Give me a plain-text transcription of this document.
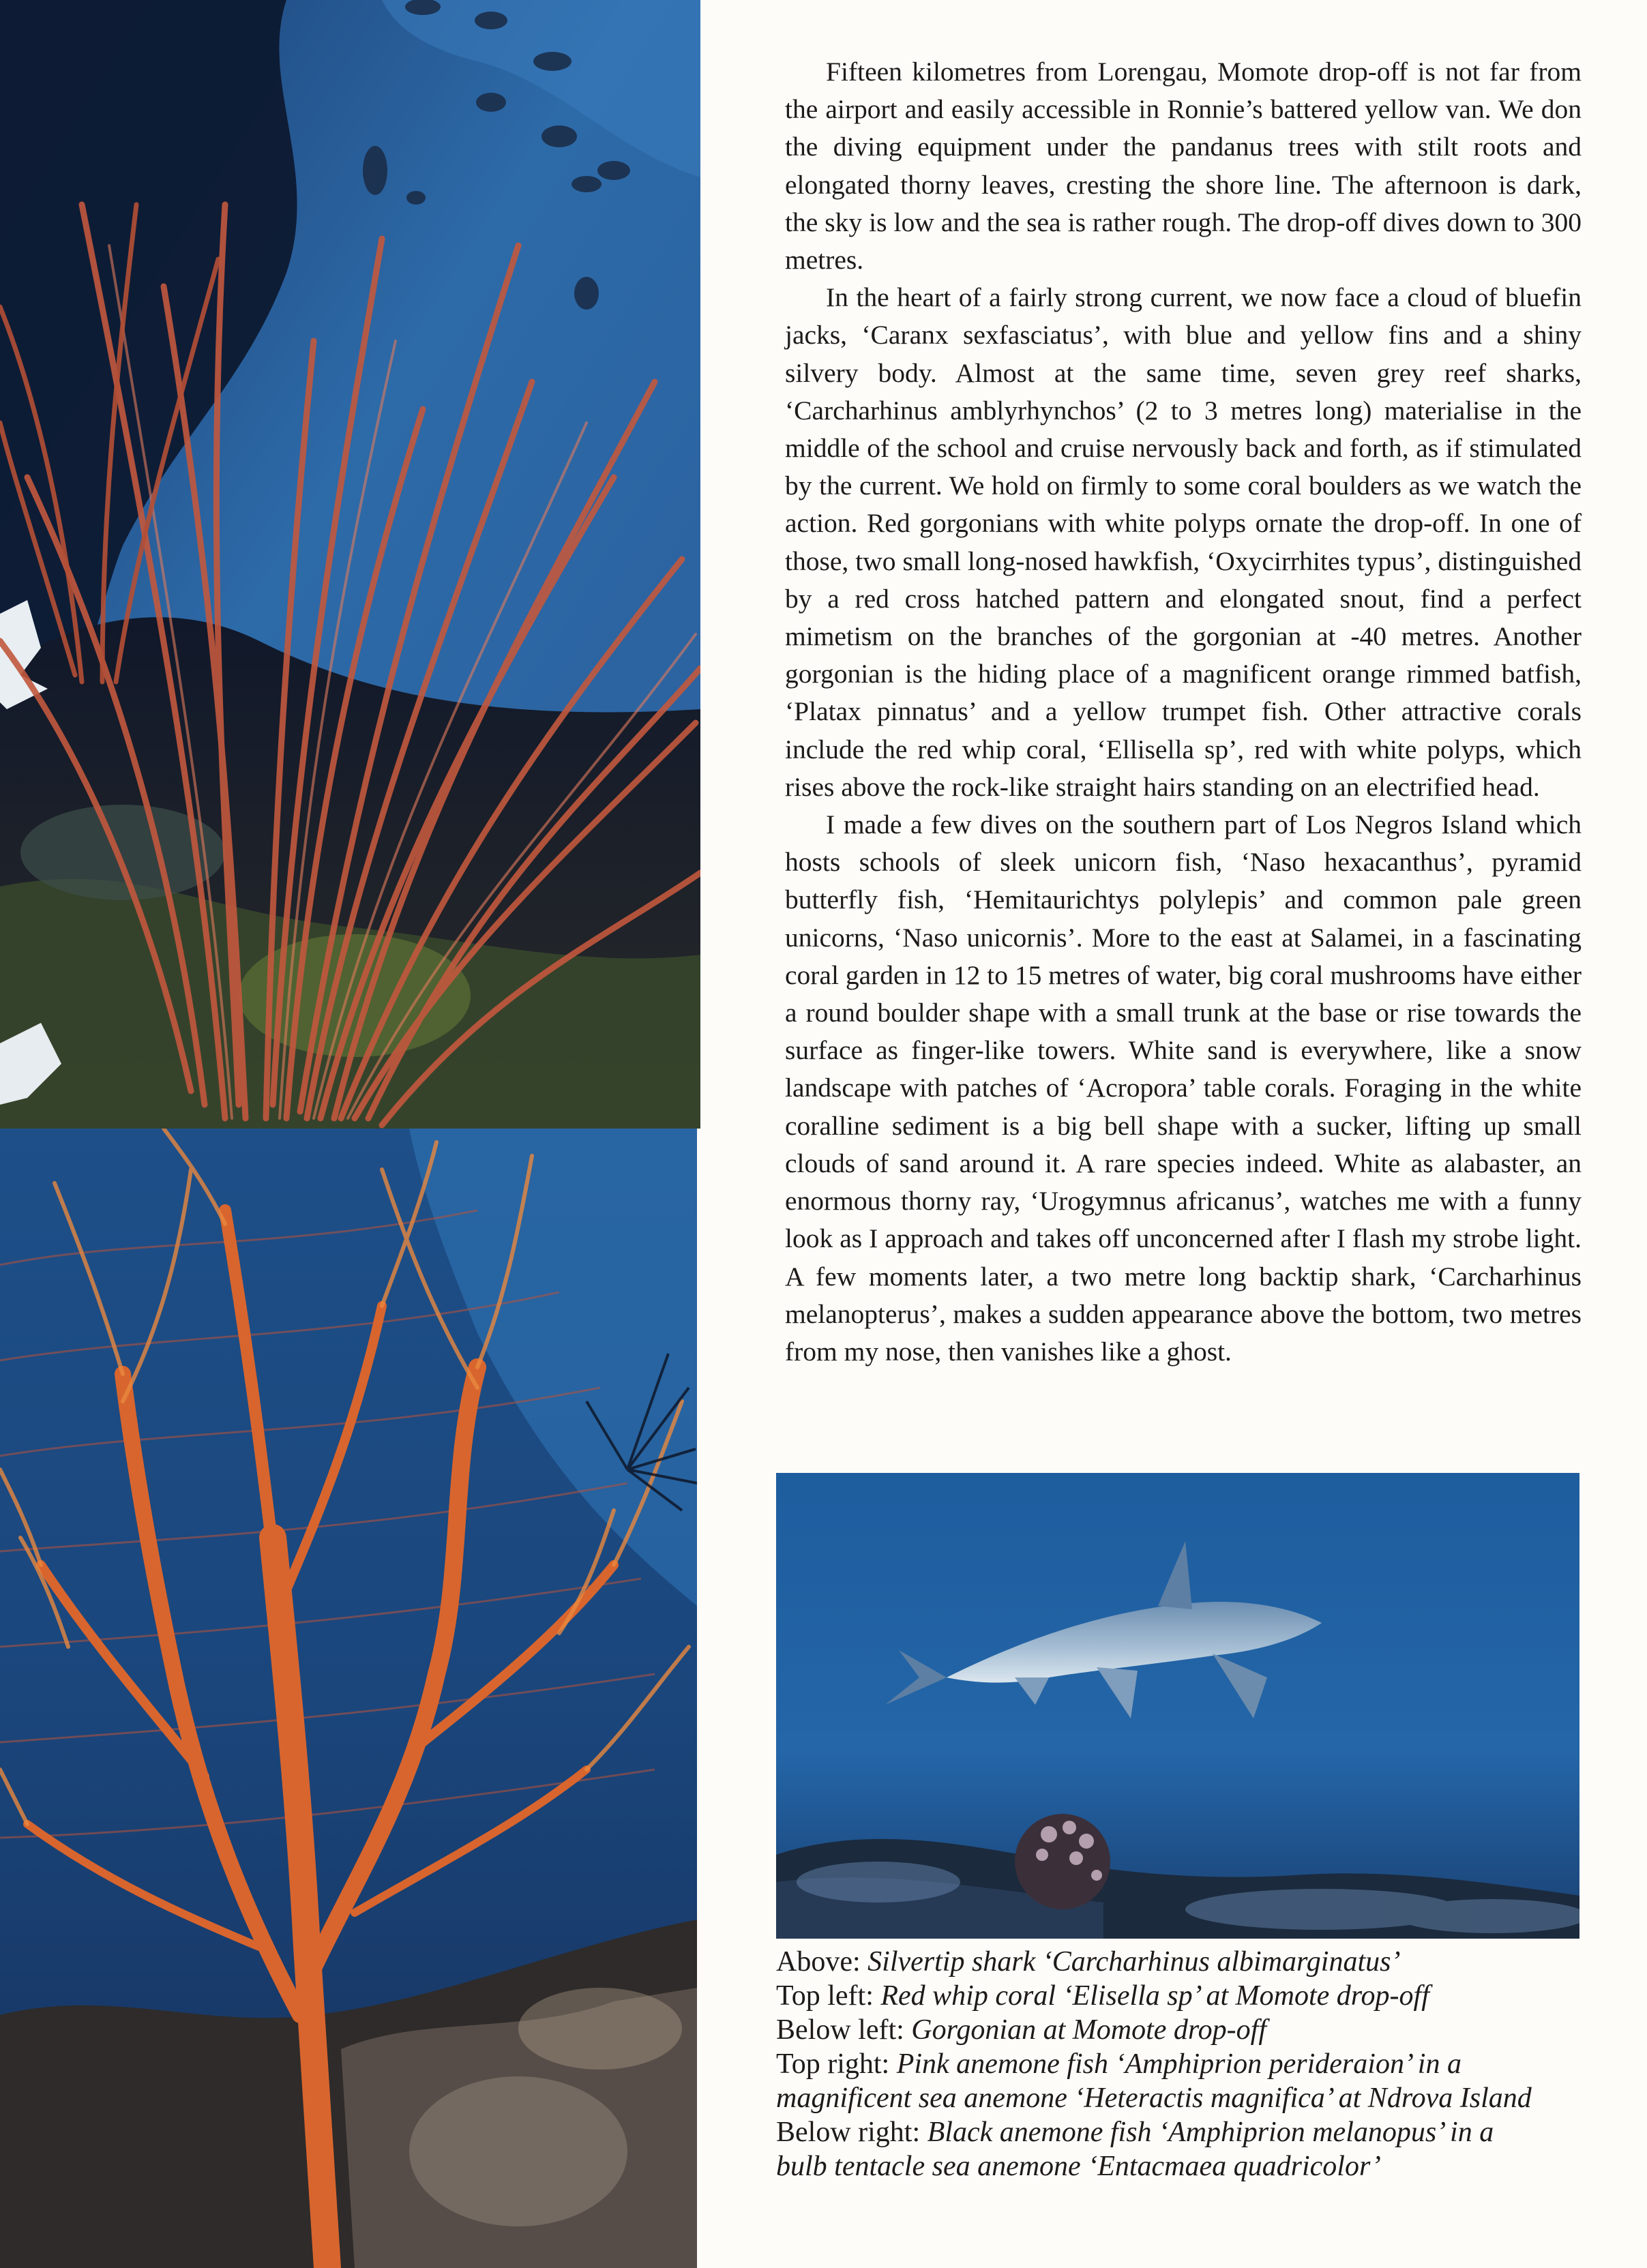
Fifteen kilometres from Lorengau, Momote drop-off is not far from the airport and easily accessible in Ronnie’s battered yellow van. We don the diving equipment under the pandanus trees with stilt roots and elongated thorny leaves, cresting the shore line. The afternoon is dark, the sky is low and the sea is rather rough. The drop-off dives down to 300 metres.

In the heart of a fairly strong current, we now face a cloud of bluefin jacks, ‘Caranx sexfasciatus’, with blue and yellow fins and a shiny silvery body. Almost at the same time, seven grey reef sharks, ‘Carcharhinus amblyrhynchos’ (2 to 3 metres long) materialise in the middle of the school and cruise nervously back and forth, as if stimulated by the current. We hold on firmly to some coral boulders as we watch the action. Red gorgonians with white polyps ornate the drop-off. In one of those, two small long-nosed hawkfish, ‘Oxycirrhites typus’, distinguished by a red cross hatched pattern and elongated snout, find a perfect mimetism on the branches of the gorgonian at -40 metres. Another gorgonian is the hiding place of a magnificent orange rimmed batfish, ‘Platax pinnatus’ and a yellow trumpet fish. Other attractive corals include the red whip coral, ‘Ellisella sp’, red with white polyps, which rises above the rock-like straight hairs standing on an electrified head.

I made a few dives on the southern part of Los Negros Island which hosts schools of sleek unicorn fish, ‘Naso hexacanthus’, pyramid butterfly fish, ‘Hemitaurichtys polylepis’ and common pale green unicorns, ‘Naso unicornis’. More to the east at Salamei, in a fascinating coral garden in 12 to 15 metres of water, big coral mushrooms have either a round boulder shape with a small trunk at the base or rise towards the surface as finger-like towers. White sand is everywhere, like a snow landscape with patches of ‘Acropora’ table corals. Foraging in the white coralline sediment is a big bell shape with a sucker, lifting up small clouds of sand around it. A rare species indeed. White as alabaster, an enormous thorny ray, ‘Urogymnus africanus’, watches me with a funny look as I approach and takes off unconcerned after I flash my strobe light. A few moments later, a two metre long backtip shark, ‘Carcharhinus melanopterus’, makes a sudden appearance above the bottom, two metres from my nose, then vanishes like a ghost.

Above: Silvertip shark ‘Carcharhinus albimarginatus’
Top left: Red whip coral ‘Elisella sp’ at Momote drop-off
Below left: Gorgonian at Momote drop-off
Top right: Pink anemone fish ‘Amphiprion perideraion’ in a
magnificent sea anemone ‘Heteractis magnifica’ at Ndrova Island
Below right: Black anemone fish ‘Amphiprion melanopus’ in a
bulb tentacle sea anemone ‘Entacmaea quadricolor’
